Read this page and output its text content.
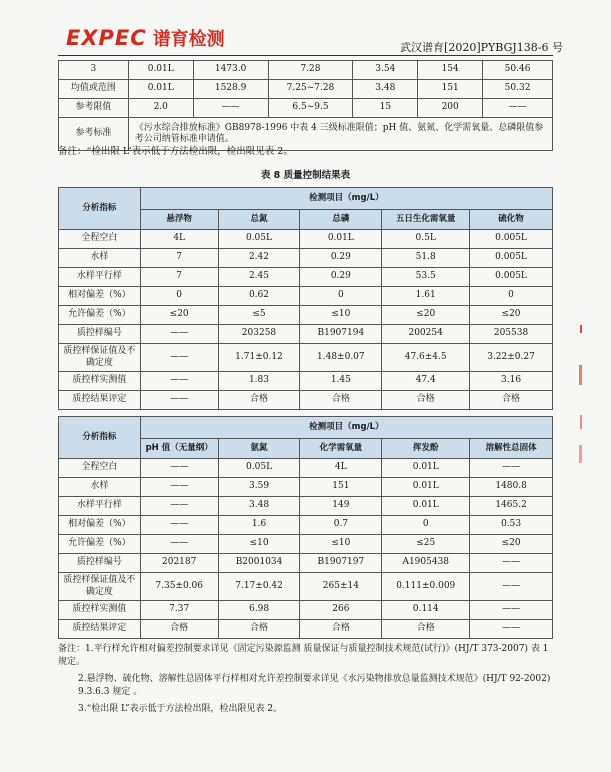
EXPEC 谱育检测	武汉谱育[2020]PYBGJ138-6 号
3	0.01L	1473.0	7.28	3.54	154	50.46
均值或范围	0.01L	1528.9	7.25~7.28	3.48	151	50.32
参考限值	2.0	——	6.5~9.5	15	200	——
参考标准	《污水综合排放标准》GB8978-1996 中表 4 三级标准限值；pH 值、氨氮、化学需氧量、总磷限值参考公司纳管标准申请值。					
备注：“检出限 L”表示低于方法检出限，检出限见表 2。
表 8 质量控制结果表
分析指标	检测项目（mg/L）				
	悬浮物	总氮	总磷	五日生化需氧量	硫化物
全程空白	4L	0.05L	0.01L	0.5L	0.005L
水样	7	2.42	0.29	51.8	0.005L
水样平行样	7	2.45	0.29	53.5	0.005L
相对偏差（%）	0	0.62	0	1.61	0
允许偏差（%）	≤20	≤5	≤10	≤20	≤20
质控样编号	——	203258	B1907194	200254	205538
质控样保证值及不确定度	——	1.71±0.12	1.48±0.07	47.6±4.5	3.22±0.27
质控样实测值	——	1.83	1.45	47.4	3.16
质控结果评定	——	合格	合格	合格	合格
分析指标	检测项目（mg/L）				
	pH 值（无量纲）	氨氮	化学需氧量	挥发酚	溶解性总固体
全程空白	——	0.05L	4L	0.01L	——
水样	——	3.59	151	0.01L	1480.8
水样平行样	——	3.48	149	0.01L	1465.2
相对偏差（%）	——	1.6	0.7	0	0.53
允许偏差（%）	——	≤10	≤10	≤25	≤20
质控样编号	202187	B2001034	B1907197	A1905438	——
质控样保证值及不确定度	7.35±0.06	7.17±0.42	265±14	0.111±0.009	——
质控样实测值	7.37	6.98	266	0.114	——
质控结果评定	合格	合格	合格	合格	——
备注：1.平行样允许相对偏差控制要求详见《固定污染源监测 质量保证与质量控制技术规范(试行)》(HJ/T 373-2007) 表 1 规定。
2.悬浮物、硫化物、溶解性总固体平行样相对允许差控制要求详见《水污染物排放总量监测技术规范》(HJ/T 92-2002) 9.3.6.3 规定 。
3.“检出限 L”表示低于方法检出限，检出限见表 2。
